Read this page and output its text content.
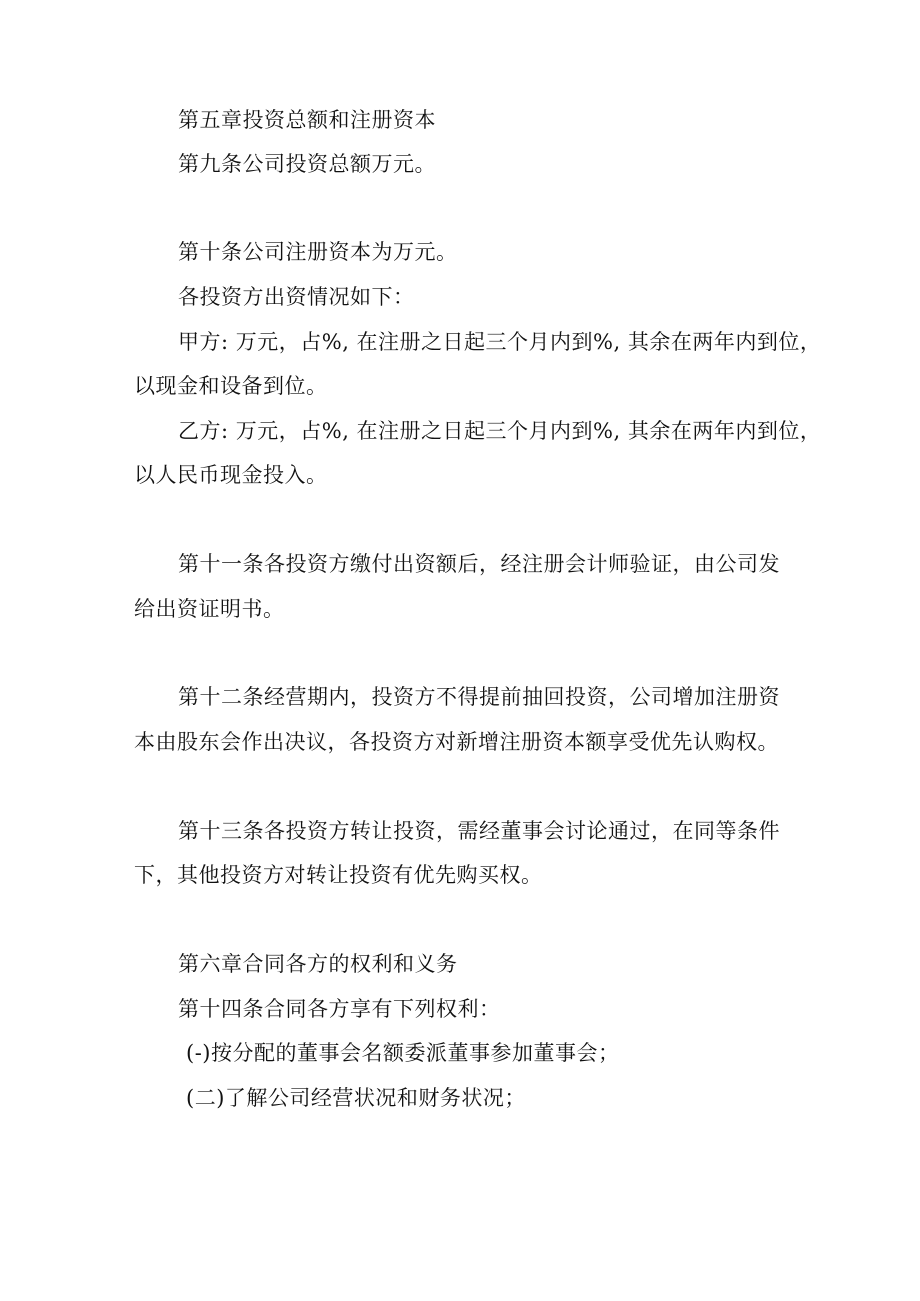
第五章投资总额和注册资本
第九条公司投资总额万元。
第十条公司注册资本为万元。
各投资方出资情况如下：
甲方: 万元，占%, 在注册之日起三个月内到%, 其余在两年内到位，
以现金和设备到位。
乙方: 万元，占%, 在注册之日起三个月内到%, 其余在两年内到位，
以人民币现金投入。
第十一条各投资方缴付出资额后，经注册会计师验证，由公司发
给出资证明书。
第十二条经营期内，投资方不得提前抽回投资，公司增加注册资
本由股东会作出决议，各投资方对新增注册资本额享受优先认购权。
第十三条各投资方转让投资，需经董事会讨论通过，在同等条件
下，其他投资方对转让投资有优先购买权。
第六章合同各方的权利和义务
第十四条合同各方享有下列权利：
(-)按分配的董事会名额委派董事参加董事会；
(二)了解公司经营状况和财务状况；
